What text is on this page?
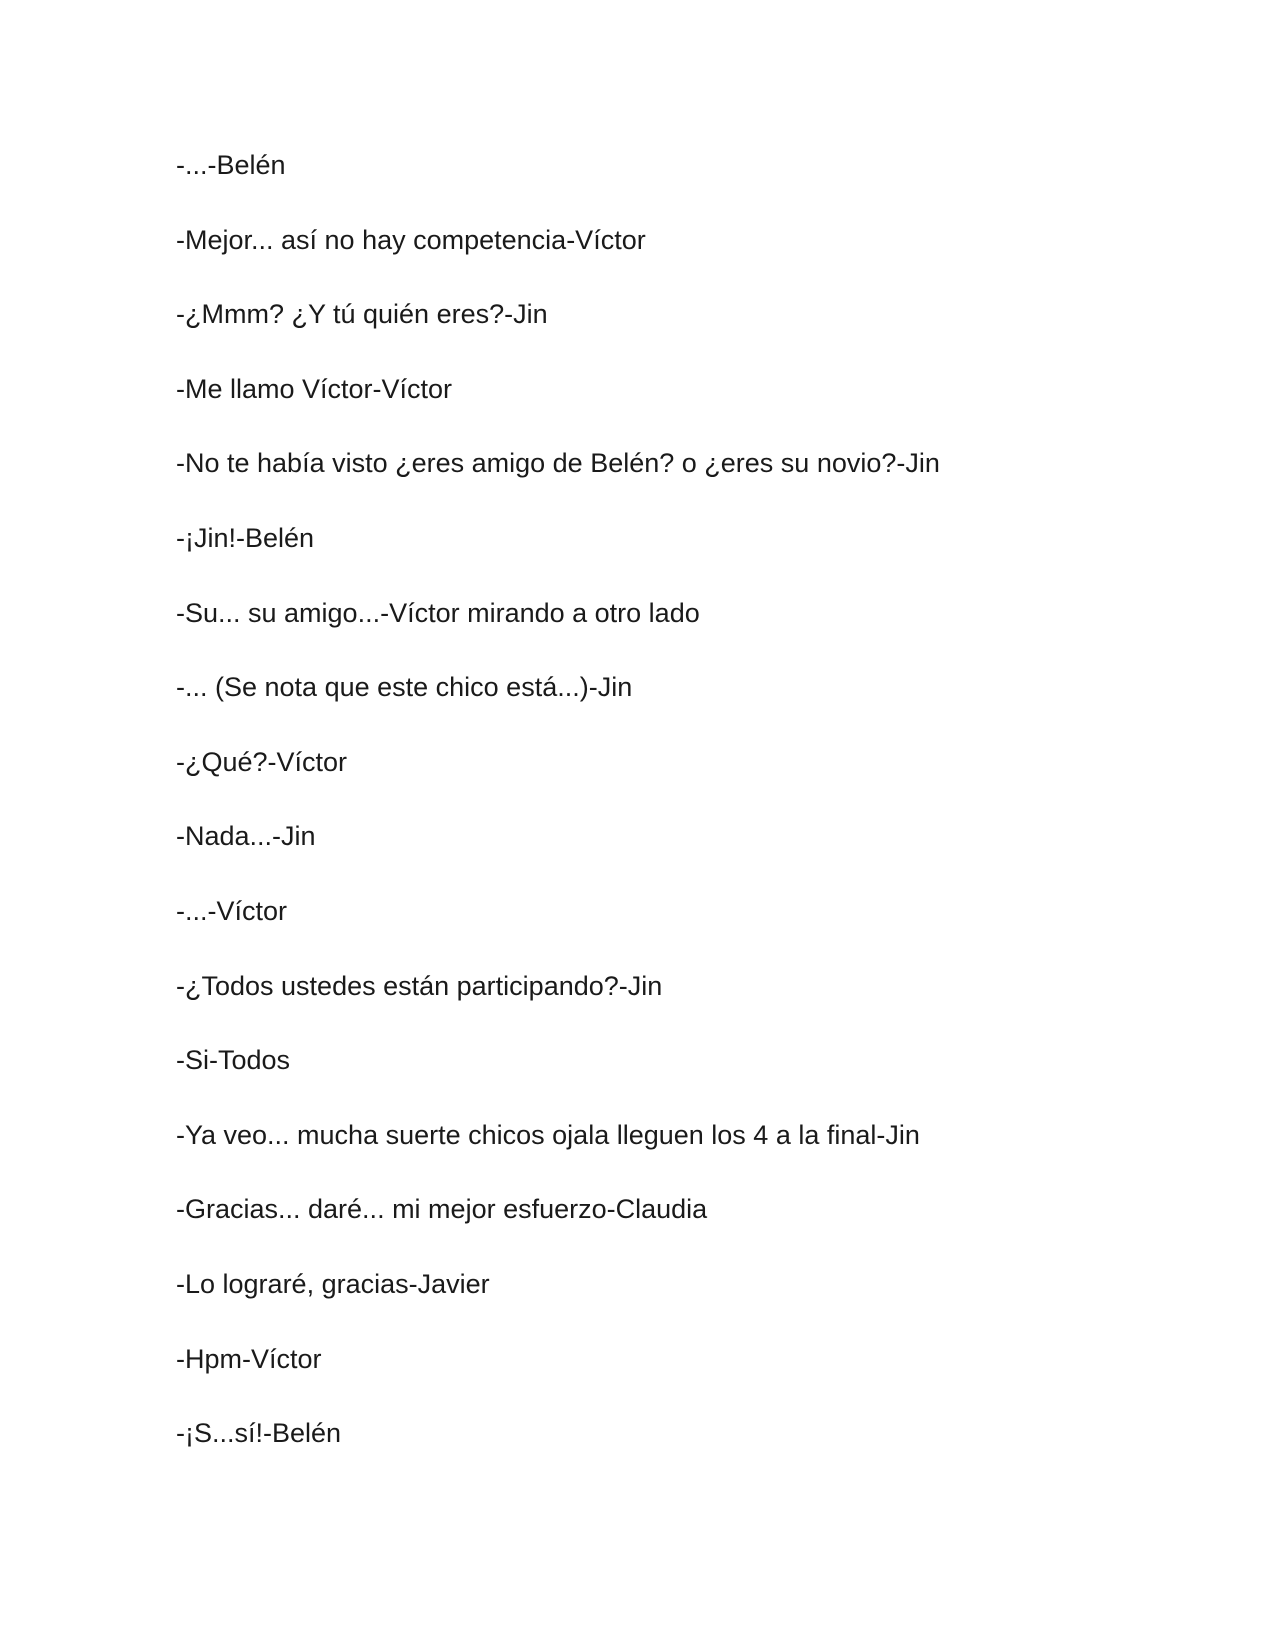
-...-Belén
-Mejor... así no hay competencia-Víctor
-¿Mmm? ¿Y tú quién eres?-Jin
-Me llamo Víctor-Víctor
-No te había visto ¿eres amigo de Belén? o ¿eres su novio?-Jin
-¡Jin!-Belén
-Su... su amigo...-Víctor mirando a otro lado
-... (Se nota que este chico está...)-Jin
-¿Qué?-Víctor
-Nada...-Jin
-...-Víctor
-¿Todos ustedes están participando?-Jin
-Si-Todos
-Ya veo... mucha suerte chicos ojala lleguen los 4 a la final-Jin
-Gracias... daré... mi mejor esfuerzo-Claudia
-Lo lograré, gracias-Javier
-Hpm-Víctor
-¡S...sí!-Belén
